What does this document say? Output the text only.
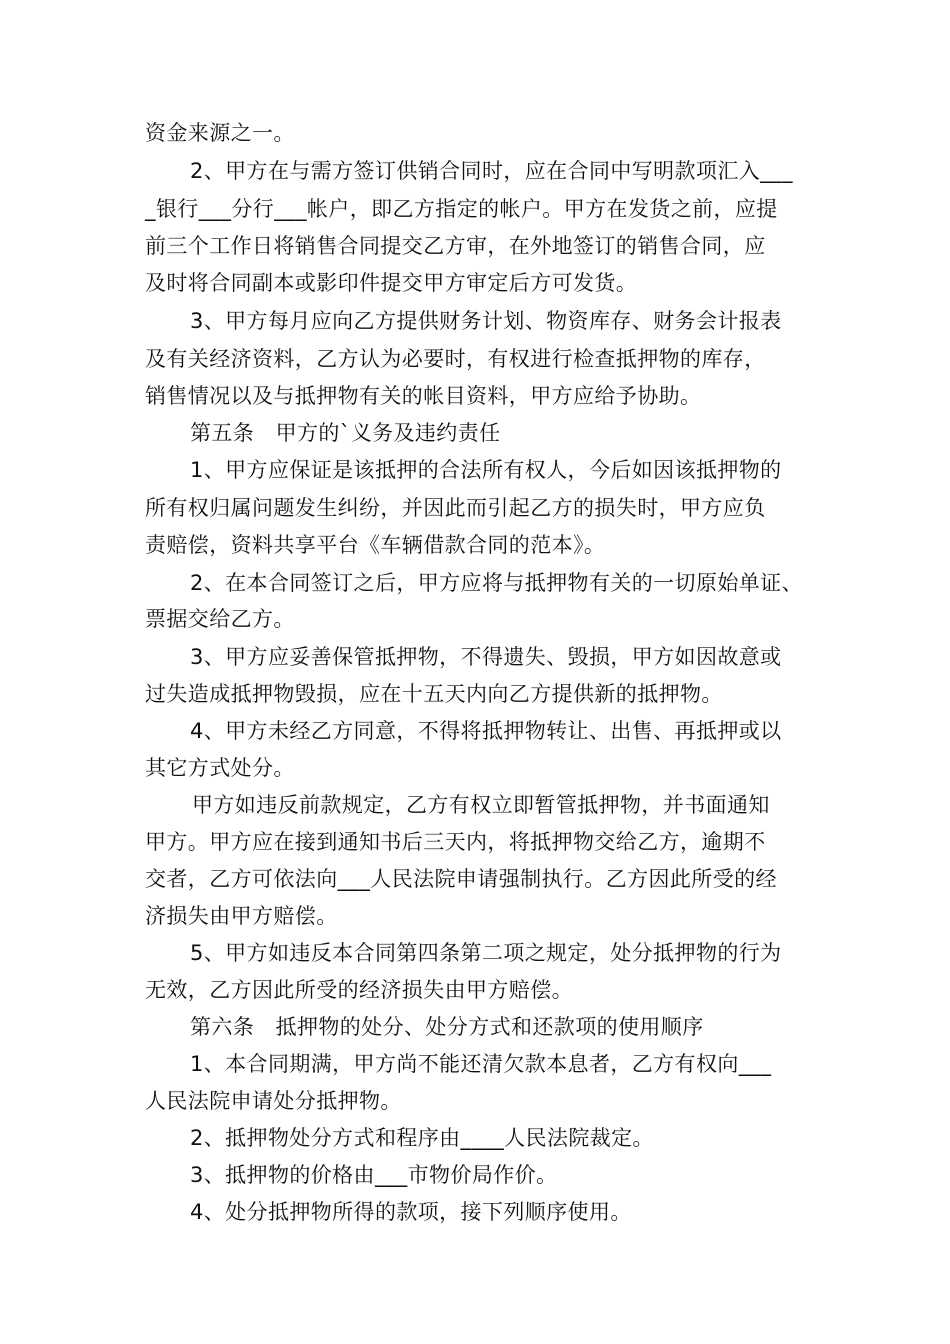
资金来源之一。
2、甲方在与需方签订供销合同时，应在合同中写明款项汇入___
_银行___分行___帐户，即乙方指定的帐户。甲方在发货之前，应提
前三个工作日将销售合同提交乙方审，在外地签订的销售合同，应
及时将合同副本或影印件提交甲方审定后方可发货。
3、甲方每月应向乙方提供财务计划、物资库存、财务会计报表
及有关经济资料，乙方认为必要时，有权进行检查抵押物的库存，
销售情况以及与抵押物有关的帐目资料，甲方应给予协助。
第五条　甲方的`义务及违约责任
1、甲方应保证是该抵押的合法所有权人，今后如因该抵押物的
所有权归属问题发生纠纷，并因此而引起乙方的损失时，甲方应负
责赔偿，资料共享平台《车辆借款合同的范本》。
2、在本合同签订之后，甲方应将与抵押物有关的一切原始单证、
票据交给乙方。
3、甲方应妥善保管抵押物，不得遗失、毁损，甲方如因故意或
过失造成抵押物毁损，应在十五天内向乙方提供新的抵押物。
4、甲方未经乙方同意，不得将抵押物转让、出售、再抵押或以
其它方式处分。
甲方如违反前款规定，乙方有权立即暂管抵押物，并书面通知
甲方。甲方应在接到通知书后三天内，将抵押物交给乙方，逾期不
交者，乙方可依法向___人民法院申请强制执行。乙方因此所受的经
济损失由甲方赔偿。
5、甲方如违反本合同第四条第二项之规定，处分抵押物的行为
无效，乙方因此所受的经济损失由甲方赔偿。
第六条　抵押物的处分、处分方式和还款项的使用顺序
1、本合同期满，甲方尚不能还清欠款本息者，乙方有权向___
人民法院申请处分抵押物。
2、抵押物处分方式和程序由____人民法院裁定。
3、抵押物的价格由___市物价局作价。
4、处分抵押物所得的款项，接下列顺序使用。
